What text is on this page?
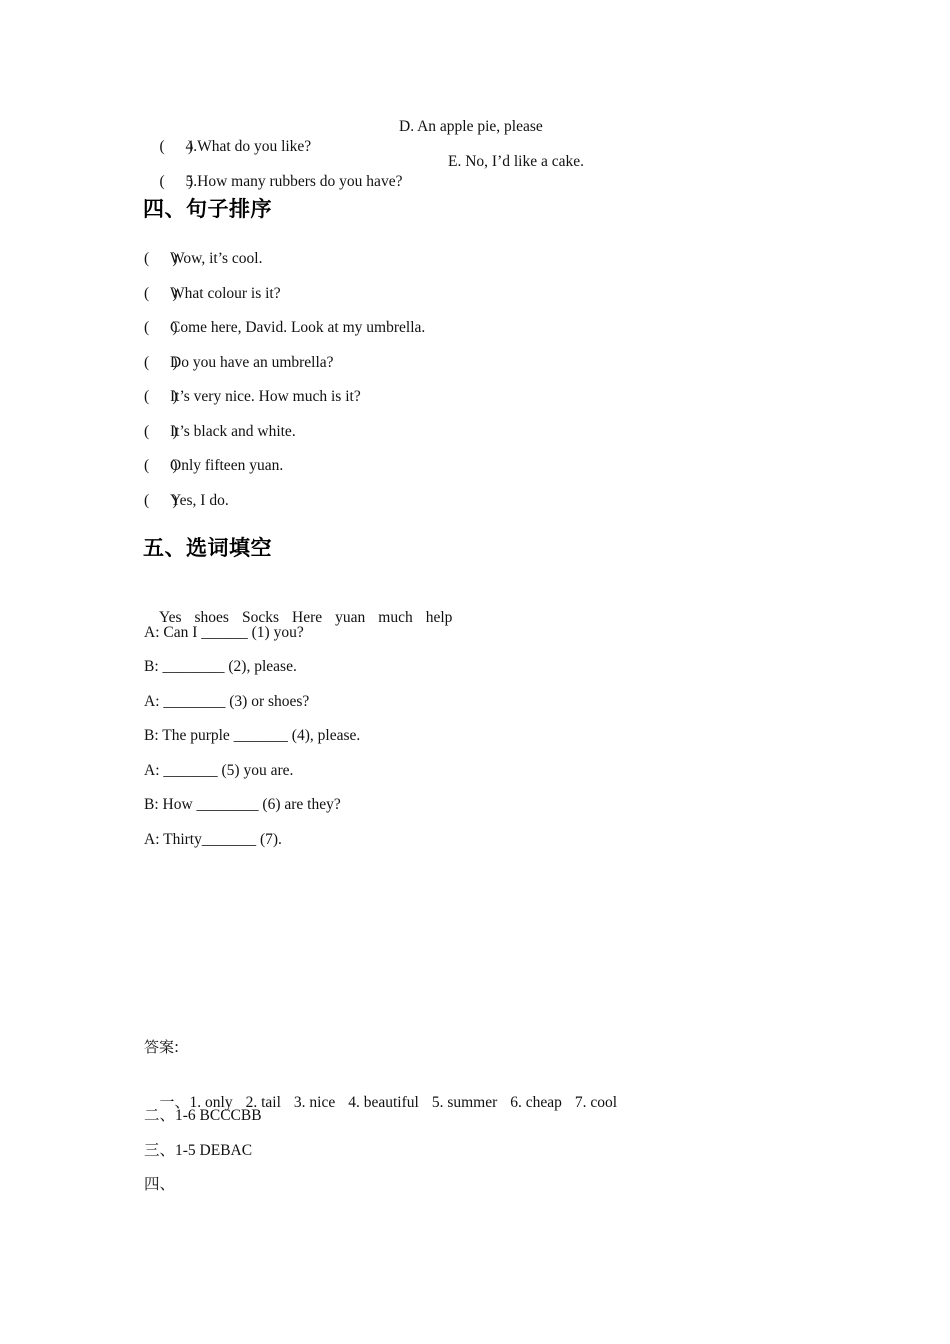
(      )4.What do you like?

D. An apple pie, please

(      )5.How many rubbers do you have?

E. No, I’d like a cake.
四、句子排序
(      )Wow, it’s cool.
(      )What colour is it?
(      )Come here, David. Look at my umbrella.
(      )Do you have an umbrella?
(      )It’s very nice. How much is it?
(      )It’s black and white.
(      )Only fifteen yuan.
(      )Yes, I do.
五、选词填空

Yes shoes Socks Here yuan much help

A: Can I ______ (1) you?
B: ________ (2), please.
A: ________ (3) or shoes?
B: The purple _______ (4), please.
A: _______ (5) you are.
B: How ________ (6) are they?
A: Thirty_______ (7).
答案:

一、1. only 2. tail 3. nice 4. beautiful 5. summer 6. cheap 7. cool

二、1-6 BCCCBB
三、1-5 DEBAC
四、
